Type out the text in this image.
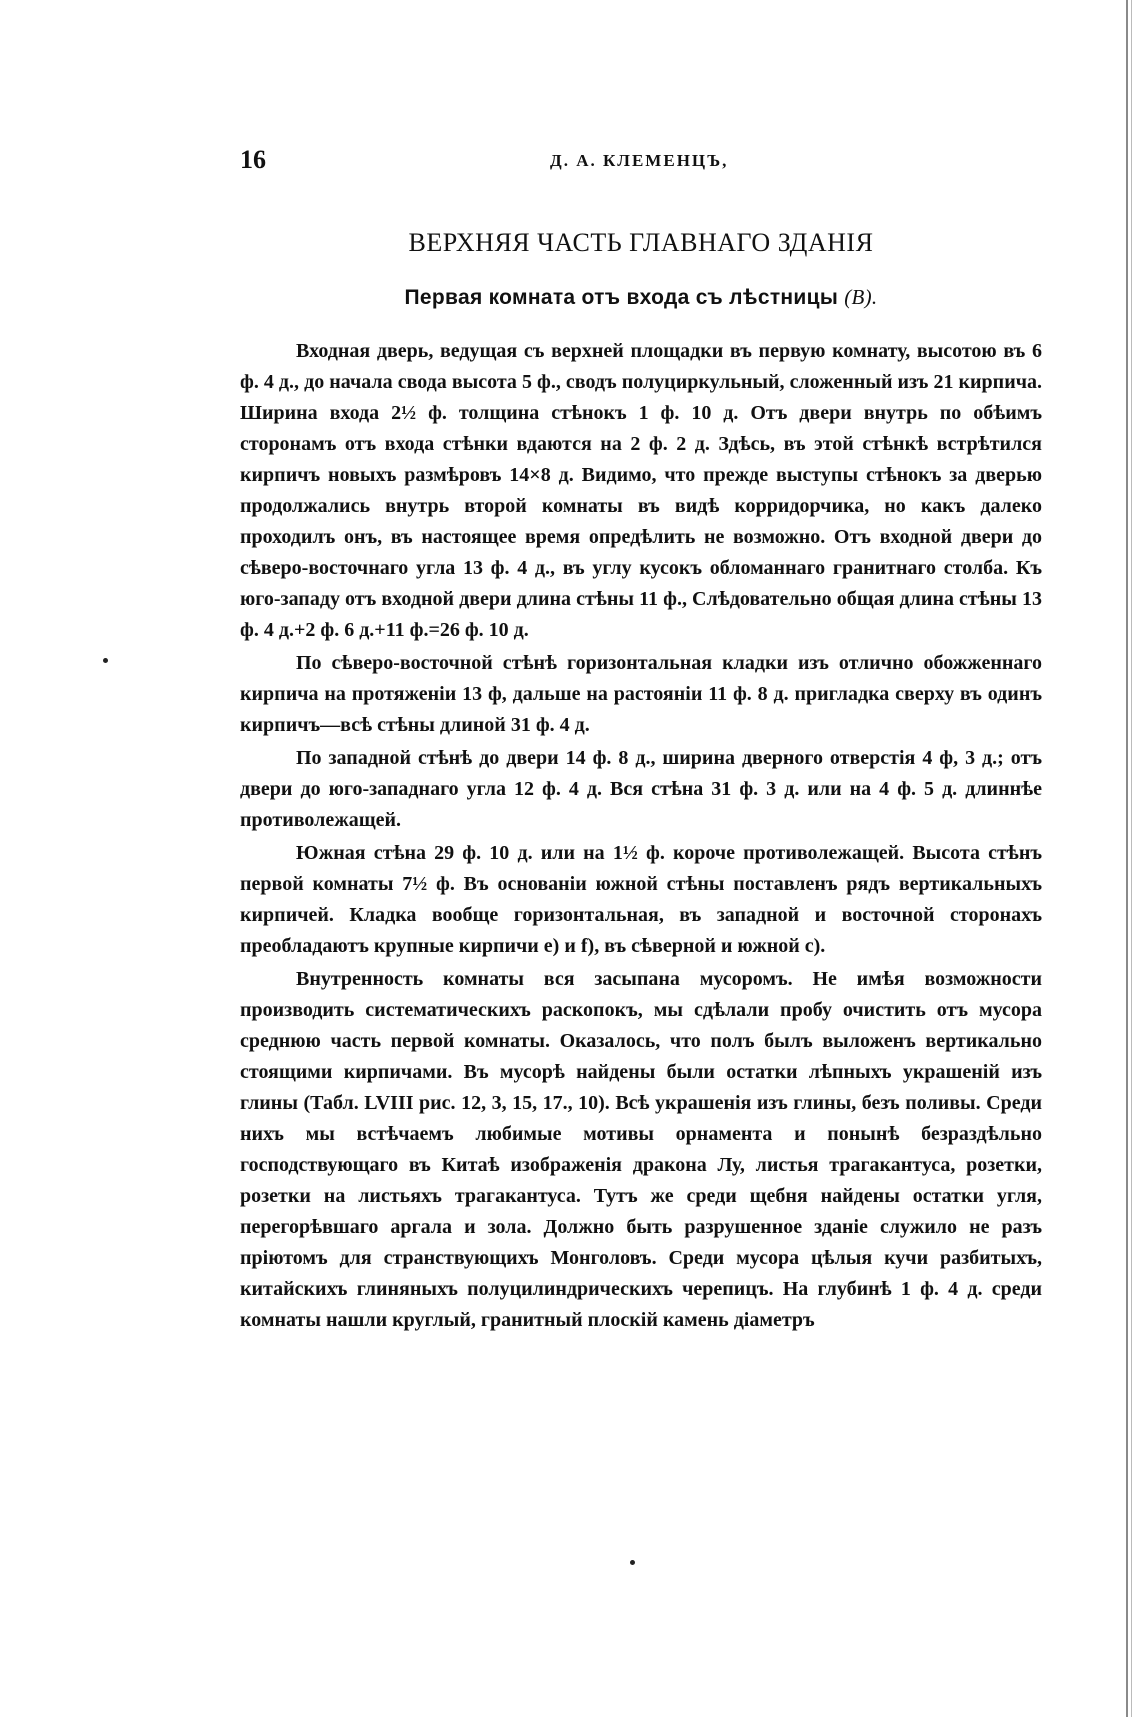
16	Д. А. КЛЕМЕНЦЪ,
ВЕРХНЯЯ ЧАСТЬ ГЛАВНАГО ЗДАНІЯ
Первая комната отъ входа съ лѣстницы (B).

Входная дверь, ведущая съ верхней площадки въ первую комнату, высотою въ 6 ф. 4 д., до начала свода высота 5 ф., сводъ полуциркульный, сложенный изъ 21 кирпича. Ширина входа 2½ ф. толщина стѣнокъ 1 ф. 10 д. Отъ двери внутрь по обѣимъ сторонамъ отъ входа стѣнки вдаются на 2 ф. 2 д. Здѣсь, въ этой стѣнкѣ встрѣтился кирпичъ новыхъ размѣровъ 14×8 д. Видимо, что прежде выступы стѣнокъ за дверью продолжались внутрь второй комнаты въ видѣ корридорчика, но какъ далеко проходилъ онъ, въ настоящее время опредѣлить не возможно. Отъ входной двери до сѣверо-восточнаго угла 13 ф. 4 д., въ углу кусокъ обломаннаго гранитнаго столба. Къ юго-западу отъ входной двери длина стѣны 11 ф., Слѣдовательно общая длина стѣны 13 ф. 4 д.+2 ф. 6 д.+11 ф.=26 ф. 10 д.

По сѣверо-восточной стѣнѣ горизонтальная кладки изъ отлично обожженнаго кирпича на протяженіи 13 ф, дальше на растояніи 11 ф. 8 д. пригладка сверху въ одинъ кирпичъ—всѣ стѣны длиной 31 ф. 4 д.

По западной стѣнѣ до двери 14 ф. 8 д., ширина дверного отверстія 4 ф, 3 д.; отъ двери до юго-западнаго угла 12 ф. 4 д. Вся стѣна 31 ф. 3 д. или на 4 ф. 5 д. длиннѣе противолежащей.

Южная стѣна 29 ф. 10 д. или на 1½ ф. короче противолежащей. Высота стѣнъ первой комнаты 7½ ф. Въ основаніи южной стѣны поставленъ рядъ вертикальныхъ кирпичей. Кладка вообще горизонтальная, въ западной и восточной сторонахъ преобладаютъ крупные кирпичи e) и f), въ сѣверной и южной c).

Внутренность комнаты вся засыпана мусоромъ. Не имѣя возможности производить систематическихъ раскопокъ, мы сдѣлали пробу очистить отъ мусора среднюю часть первой комнаты. Оказалось, что полъ былъ выложенъ вертикально стоящими кирпичами. Въ мусорѣ найдены были остатки лѣпныхъ украшеній изъ глины (Табл. LVIII рис. 12, 3, 15, 17., 10). Всѣ украшенія изъ глины, безъ поливы. Среди нихъ мы встѣчаемъ любимые мотивы орнамента и понынѣ безраздѣльно господствующаго въ Китаѣ изображенія дракона Лу, листья трагакантуса, розетки, розетки на листьяхъ трагакантуса. Тутъ же среди щебня найдены остатки угля, перегорѣвшаго аргала и зола. Должно быть разрушенное зданіе служило не разъ пріютомъ для странствующихъ Монголовъ. Среди мусора цѣлыя кучи разбитыхъ, китайскихъ глиняныхъ полуцилиндрическихъ черепицъ. На глубинѣ 1 ф. 4 д. среди комнаты нашли круглый, гранитный плоскій камень діаметръ
